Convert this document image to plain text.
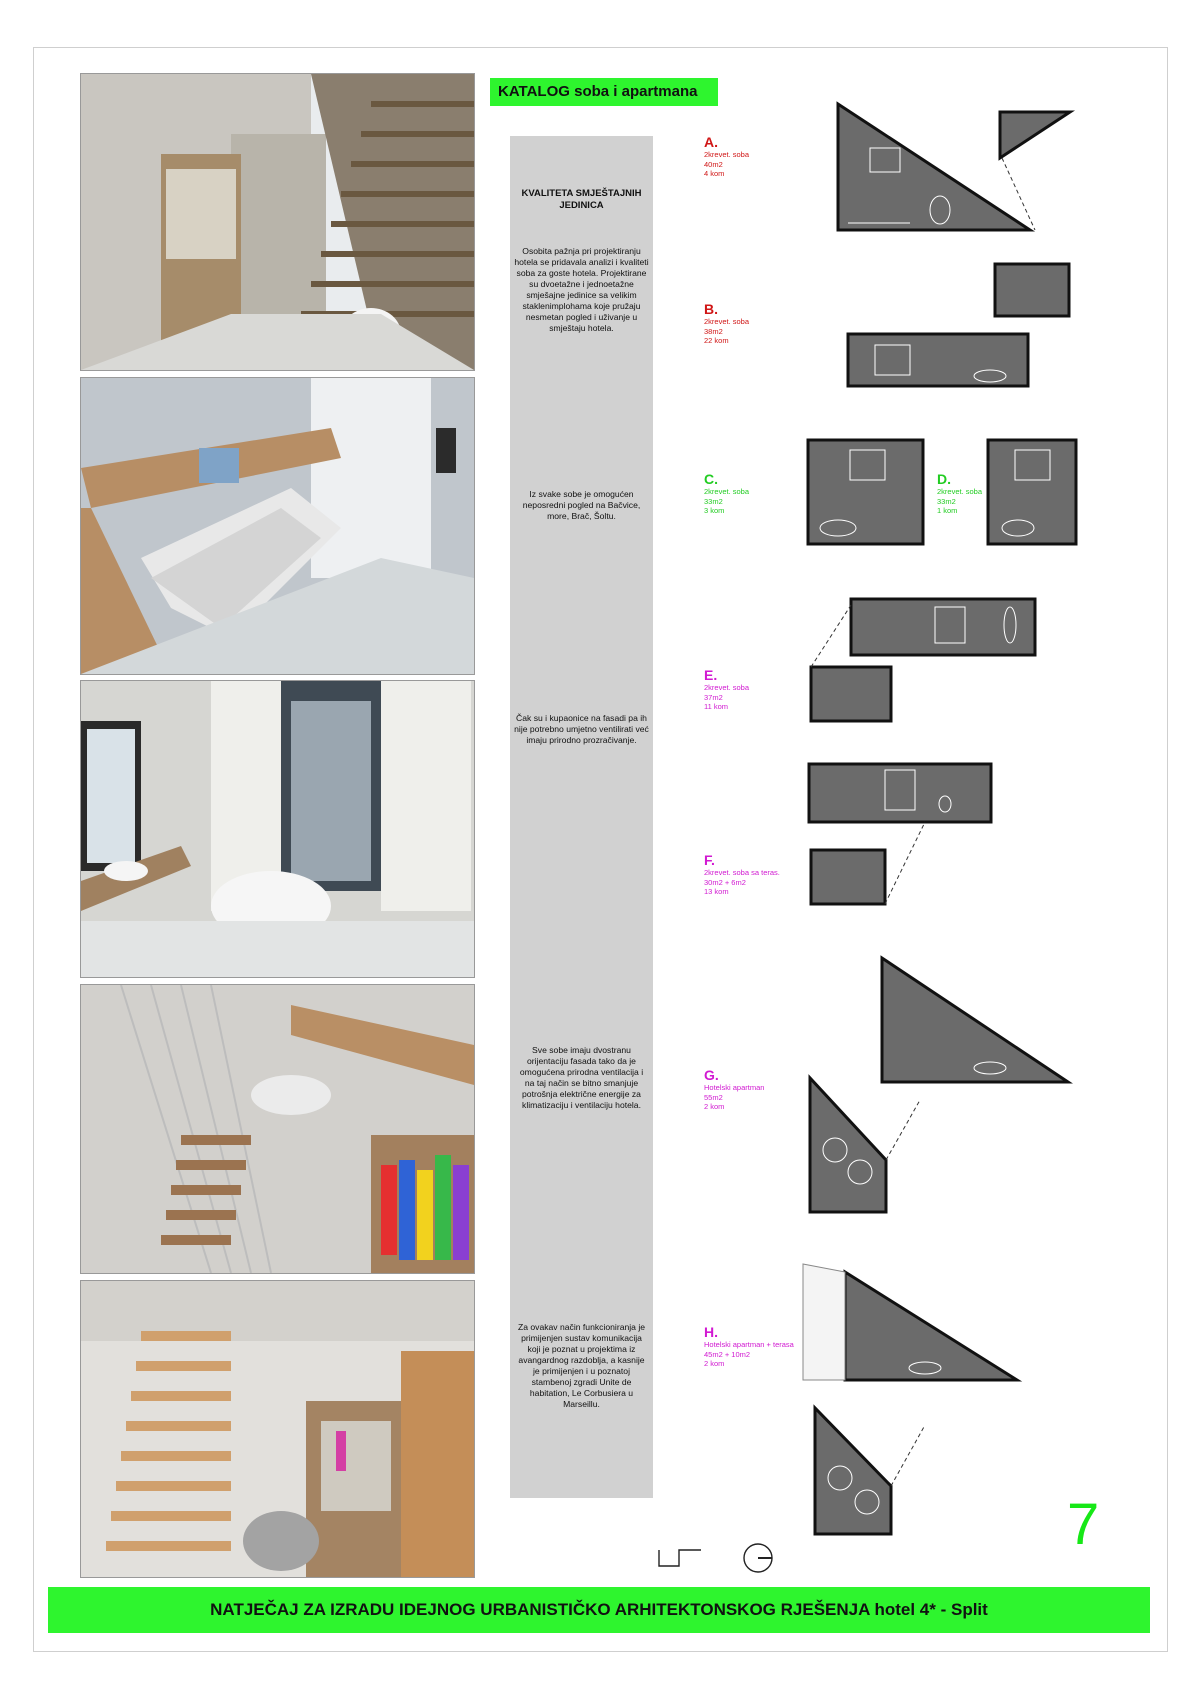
KATALOG soba i apartmana
KVALITETA SMJEŠTAJNIH JEDINICA
Osobita pažnja pri projektiranju hotela se pridavala analizi i kvaliteti soba za goste hotela. Projektirane su dvoetažne i jednoetažne smješajne jedinice sa velikim staklenimplohama koje pružaju nesmetan pogled i uživanje u smještaju hotela.
Iz svake sobe je omogućen neposredni pogled na Bačvice, more, Brač, Šoltu.
Čak su i kupaonice na fasadi pa ih nije potrebno umjetno ventilirati već imaju prirodno prozračivanje.
Sve sobe imaju dvostranu orijentaciju fasada tako da je omogućena prirodna ventilacija i na taj način se bitno smanjuje potrošnja električne energije za klimatizaciju i ventilaciju hotela.
Za ovakav način funkcioniranja je primijenjen sustav komunikacija koji je poznat u projektima iz avangardnog razdoblja, a kasnije je primijenjen i u poznatoj stambenoj zgradi Unite de habitation, Le Corbusiera u Marseillu.
A.
2krevet. soba
40m2
4 kom
B.
2krevet. soba
38m2
22 kom
C.
2krevet. soba
33m2
3 kom
D.
2krevet. soba
33m2
1 kom
E.
2krevet. soba
37m2
11 kom
F.
2krevet. soba sa teras.
30m2 + 6m2
13 kom
G.
Hotelski apartman
55m2
2 kom
H.
Hotelski apartman + terasa
45m2 + 10m2
2 kom
7
NATJEČAJ ZA IZRADU IDEJNOG URBANISTIČKO ARHITEKTONSKOG RJEŠENJA hotel 4* - Split
